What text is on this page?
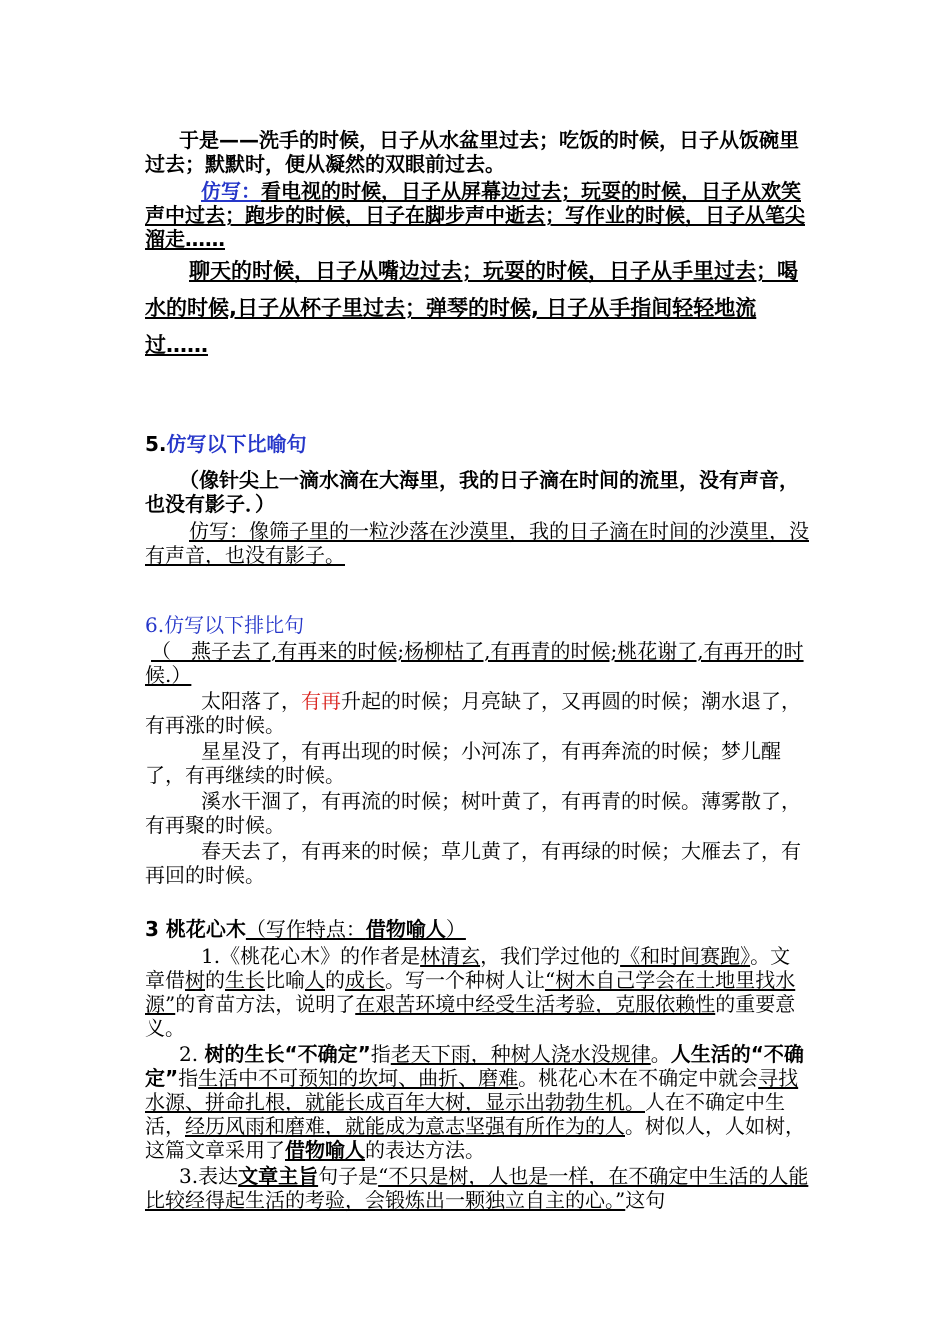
于是——洗手的时候，日子从水盆里过去；吃饭的时候，日子从饭碗里过去；默默时，便从凝然的双眼前过去。

仿写：看电视的时候，日子从屏幕边过去；玩耍的时候，日子从欢笑声中过去；跑步的时候，日子在脚步声中逝去；写作业的时候，日子从笔尖溜走……

聊天的时候，日子从嘴边过去；玩耍的时候，日子从手里过去；喝水的时候,日子从杯子里过去；弹琴的时候, 日子从手指间轻轻地流过……

5.仿写以下比喻句

（像针尖上一滴水滴在大海里，我的日子滴在时间的流里，没有声音，也没有影子．）

仿写：像筛子里的一粒沙落在沙漠里，我的日子滴在时间的沙漠里，没有声音，也没有影子。

6.仿写以下排比句

（　燕子去了,有再来的时候;杨柳枯了,有再青的时候;桃花谢了,有再开的时候.）

太阳落了，有再升起的时候；月亮缺了，又再圆的时候；潮水退了，有再涨的时候。

星星没了，有再出现的时候；小河冻了，有再奔流的时候；梦儿醒了，有再继续的时候。

溪水干涸了，有再流的时候；树叶黄了，有再青的时候。薄雾散了，有再聚的时候。

春天去了，有再来的时候；草儿黄了，有再绿的时候；大雁去了，有再回的时候。

3 桃花心木（写作特点：借物喻人）

1.《桃花心木》的作者是林清玄，我们学过他的《和时间赛跑》。文章借树的生长比喻人的成长。写一个种树人让“树木自己学会在土地里找水源”的育苗方法，说明了在艰苦环境中经受生活考验，克服依赖性的重要意义。

2. 树的生长“不确定”指老天下雨，种树人浇水没规律。人生活的“不确定”指生活中不可预知的坎坷、曲折、磨难。桃花心木在不确定中就会寻找水源、拼命扎根，就能长成百年大树，显示出勃勃生机。人在不确定中生活，经历风雨和磨难，就能成为意志坚强有所作为的人。树似人，人如树，这篇文章采用了借物喻人的表达方法。

3.表达文章主旨句子是“不只是树，人也是一样，在不确定中生活的人能比较经得起生活的考验，会锻炼出一颗独立自主的心。”这句
